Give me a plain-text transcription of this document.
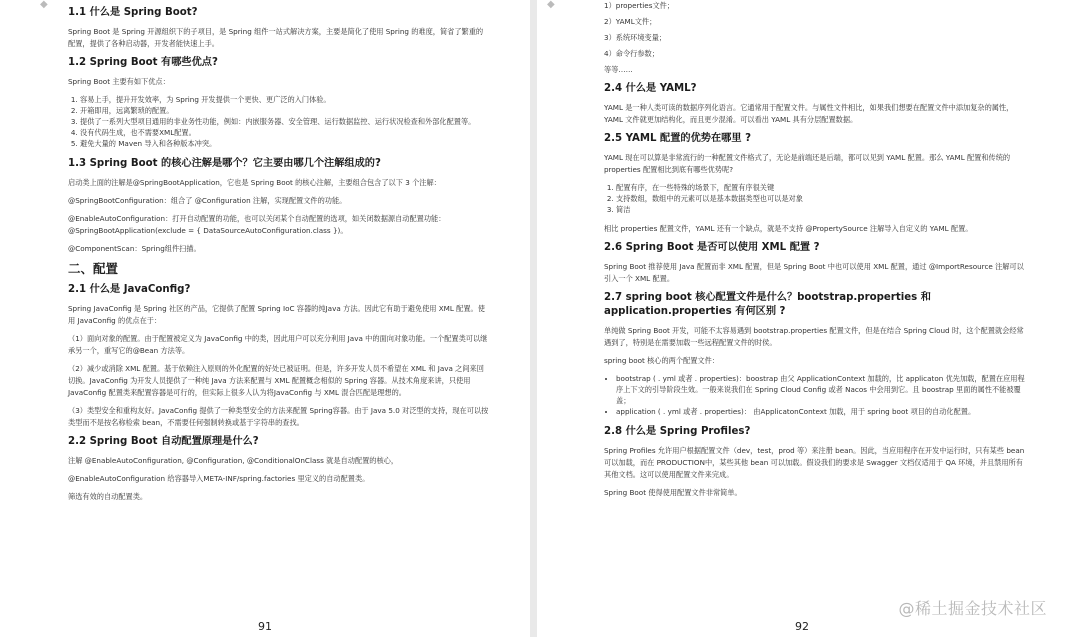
◆
1.1 什么是 Spring Boot?

Spring Boot 是 Spring 开源组织下的子项目，是 Spring 组件一站式解决方案，主要是简化了使用 Spring 的难度，简省了繁重的配置，提供了各种启动器，开发者能快速上手。

1.2 Spring Boot 有哪些优点?

Spring Boot 主要有如下优点：

1. 容易上手，提升开发效率，为 Spring 开发提供一个更快、更广泛的入门体验。
2. 开箱即用，远离繁琐的配置。
3. 提供了一系列大型项目通用的非业务性功能，例如：内嵌服务器、安全管理、运行数据监控、运行状况检查和外部化配置等。
4. 没有代码生成，也不需要XML配置。
5. 避免大量的 Maven 导入和各种版本冲突。
1.3 Spring Boot 的核心注解是哪个？它主要由哪几个注解组成的?

启动类上面的注解是@SpringBootApplication，它也是 Spring Boot 的核心注解，主要组合包含了以下 3 个注解：

@SpringBootConfiguration：组合了 @Configuration 注解，实现配置文件的功能。

@EnableAutoConfiguration：打开自动配置的功能，也可以关闭某个自动配置的选项，如关闭数据源自动配置功能： @SpringBootApplication(exclude = { DataSourceAutoConfiguration.class })。

@ComponentScan：Spring组件扫描。

二、配置
2.1 什么是 JavaConfig?

Spring JavaConfig 是 Spring 社区的产品，它提供了配置 Spring IoC 容器的纯Java 方法。因此它有助于避免使用 XML 配置。使用 JavaConfig 的优点在于：

（1）面向对象的配置。由于配置被定义为 JavaConfig 中的类，因此用户可以充分利用 Java 中的面向对象功能。一个配置类可以继承另一个，重写它的@Bean 方法等。

（2）减少或消除 XML 配置。基于依赖注入原则的外化配置的好处已被证明。但是，许多开发人员不希望在 XML 和 Java 之间来回切换。JavaConfig 为开发人员提供了一种纯 Java 方法来配置与 XML 配置概念相似的 Spring 容器。从技术角度来讲，只使用 JavaConfig 配置类来配置容器是可行的，但实际上很多人认为将JavaConfig 与 XML 混合匹配是理想的。

（3）类型安全和重构友好。JavaConfig 提供了一种类型安全的方法来配置 Spring容器。由于 Java 5.0 对泛型的支持，现在可以按类型而不是按名称检索 bean，不需要任何强制转换或基于字符串的查找。

2.2 Spring Boot 自动配置原理是什么?

注解 @EnableAutoConfiguration, @Configuration, @ConditionalOnClass 就是自动配置的核心，

@EnableAutoConfiguration 给容器导入META-INF/spring.factories 里定义的自动配置类。

筛选有效的自动配置类。

91
◆	1）properties文件；

2）YAML文件；

3）系统环境变量；

4）命令行参数；

等等……

2.4 什么是 YAML?

YAML 是一种人类可读的数据序列化语言。它通常用于配置文件。与属性文件相比，如果我们想要在配置文件中添加复杂的属性，YAML 文件就更加结构化，而且更少混淆。可以看出 YAML 具有分层配置数据。

2.5 YAML 配置的优势在哪里 ?

YAML 现在可以算是非常流行的一种配置文件格式了，无论是前端还是后端，都可以见到 YAML 配置。那么 YAML 配置和传统的 properties 配置相比到底有哪些优势呢?

1. 配置有序，在一些特殊的场景下，配置有序很关键
2. 支持数组，数组中的元素可以是基本数据类型也可以是对象
3. 简洁

相比 properties 配置文件，YAML 还有一个缺点，就是不支持 @PropertySource 注解导入自定义的 YAML 配置。

2.6 Spring Boot 是否可以使用 XML 配置 ?

Spring Boot 推荐使用 Java 配置而非 XML 配置，但是 Spring Boot 中也可以使用 XML 配置，通过 @ImportResource 注解可以引入一个 XML 配置。

2.7 spring boot 核心配置文件是什么？bootstrap.properties 和 application.properties 有何区别 ?

单纯做 Spring Boot 开发，可能不太容易遇到 bootstrap.properties 配置文件，但是在结合 Spring Cloud 时，这个配置就会经常遇到了，特别是在需要加载一些远程配置文件的时侯。

spring boot 核心的两个配置文件：

• bootstrap ( . yml 或者 . properties)：boostrap 由父 ApplicationContext 加载的，比 applicaton 优先加载，配置在应用程序上下文的引导阶段生效。一般来说我们在 Spring Cloud Config 或者 Nacos 中会用到它。且 boostrap 里面的属性不能被覆盖；
• application ( . yml 或者 . properties)： 由ApplicatonContext 加载，用于 spring boot 项目的自动化配置。
2.8 什么是 Spring Profiles?

Spring Profiles 允许用户根据配置文件（dev，test，prod 等）来注册 bean。因此，当应用程序在开发中运行时，只有某些 bean 可以加载，而在 PRODUCTION中，某些其他 bean 可以加载。假设我们的要求是 Swagger 文档仅适用于 QA 环境，并且禁用所有其他文档。这可以使用配置文件来完成。

Spring Boot 使得使用配置文件非常简单。

92
@稀土掘金技术社区
